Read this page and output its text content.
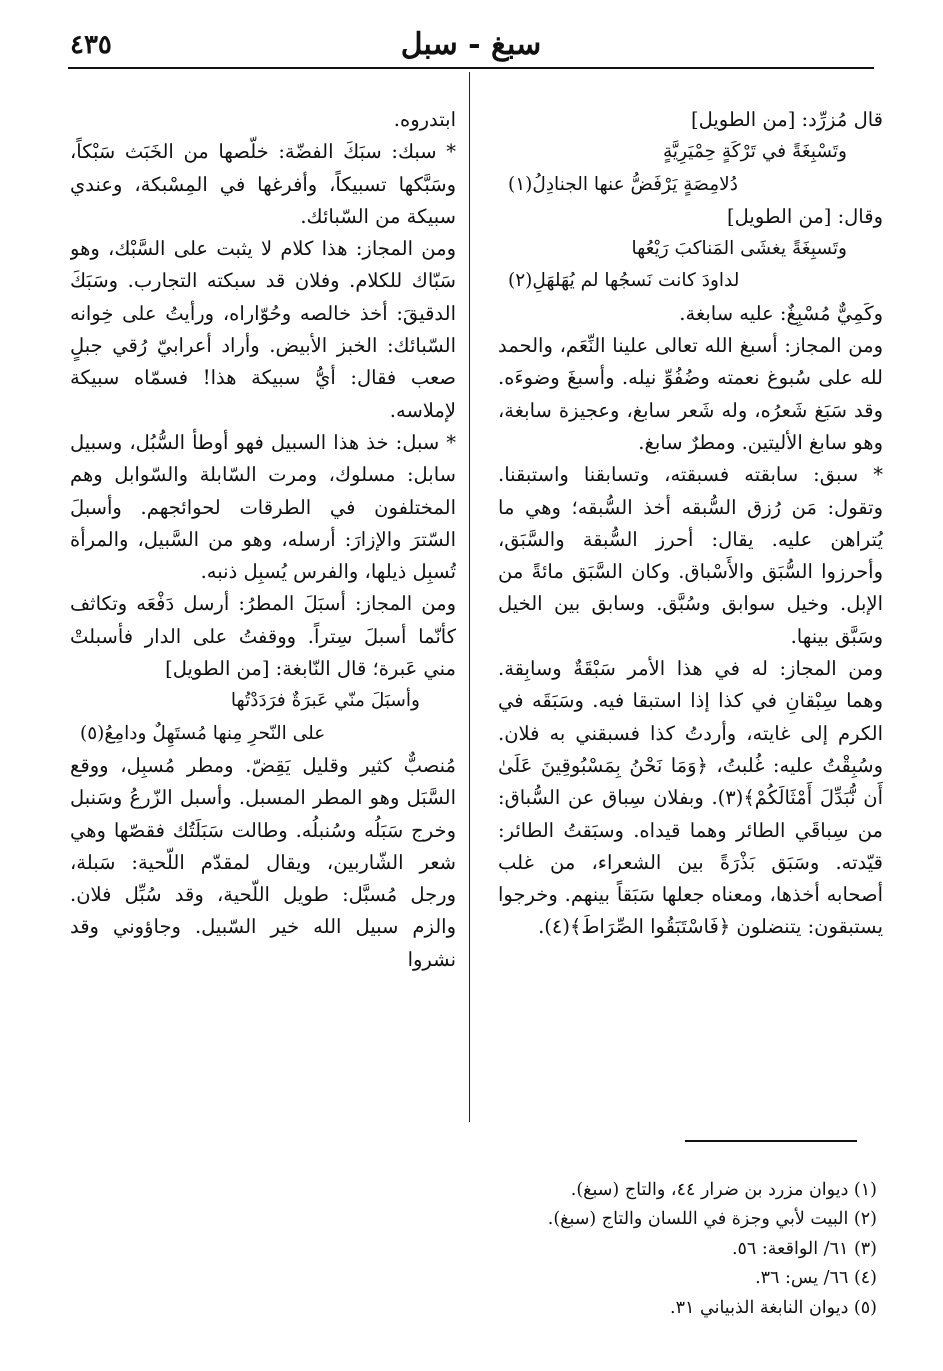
سبغ - سبل
٤٣٥

قال مُزرِّد: [من الطويل]

وتَسْبِغَةً في تَرْكَةٍ حِمْيَرِيَّةٍ

دُلامِصَةٍ يَرْفَضُّ عنها الجنادِلُ(١)

وقال: [من الطويل]

وتَسبِغَةً يغشَى المَناكبَ رَيْعُها

لداودَ كانت نَسجُها لم يُهَلهَلِ(٢)

وكَمِيٌّ مُسْبِغٌ: عليه سابغة.

ومن المجاز: أسبغ الله تعالى علينا النِّعَم، والحمد لله على سُبوغ نعمته وضُفُوِّ نيله. وأسبغَ وضوءَه. وقد سَبَغ شَعرُه، وله شَعر سابغ، وعجيزة سابغة، وهو سابغ الأليتين. ومطرٌ سابغ.

* سبق: سابقته فسبقته، وتسابقنا واستبقنا. وتقول: مَن رُزق السُّبقه أخذ السُّبقه؛ وهي ما يُتراهن عليه. يقال: أحرز السُّبقة والسَّبَق، وأحرزوا السُّبَق والأَسْباق. وكان السَّبَق مائةً من الإبل. وخيل سوابق وسُبَّق. وسابق بين الخيل وسَبَّق بينها.

ومن المجاز: له في هذا الأمر سَبْقَةٌ وسابِقة. وهما سِبْقانِ في كذا إذا استبقا فيه. وسَبَقَه في الكرم إلى غايته، وأردتُ كذا فسبقني به فلان. وسُبِقْتُ عليه: غُلبتُ، ﴿وَمَا نَحْنُ بِمَسْبُوقِينَ عَلَىٰ أَن نُّبَدِّلَ أَمْثَالَكُمْ﴾(٣). وبفلان سِباق عن السُّباق: من سِباقَي الطائر وهما قيداه. وسبَقتُ الطائر: قيّدته. وسَبَق بَذْرَةً بين الشعراء، من غلب أصحابه أخذها، ومعناه جعلها سَبَقاً بينهم. وخرجوا يستبقون: يتنضلون ﴿فَاسْتَبَقُوا الصِّرَاطَ﴾(٤).

ابتدروه.

* سبك: سبَكَ الفضّة: خلّصها من الخَبَث سَبْكاً، وسَبَّكها تسبيكاً، وأفرغها في المِسْبكة، وعندي سبيكة من السّبائك.

ومن المجاز: هذا كلام لا يثبت على السَّبْك، وهو سَبّاك للكلام. وفلان قد سبكته التجارب. وسَبَكَ الدقيقَ: أخذ خالصه وحُوّاراه، ورأيتُ على خِوانه السّبائك: الخبز الأبيض. وأراد أعرابيّ رُقي جبلٍ صعب فقال: أيُّ سبيكة هذا! فسمّاه سبيكة لإملاسه.

* سبل: خذ هذا السبيل فهو أوطأ السُّبُل، وسبيل سابل: مسلوك، ومرت السّابلة والسّوابل وهم المختلفون في الطرقات لحوائجهم. وأسبلَ السّترَ والإزارَ: أرسله، وهو من السَّبيل، والمرأة تُسبِل ذيلها، والفرس يُسبِل ذنبه.

ومن المجاز: أسبَلَ المطرُ: أرسل دَفْعَه وتكاثف كأنّما أسبلَ سِتراً. ووقفتُ على الدار فأسبلتْ مني عَبرة؛ قال النّابغة: [من الطويل]

وأسبَلَ منّي عَبرَةٌ فرَدَدْتُها

على النّحرِ مِنها مُستَهِلٌ ودامِعُ(٥)

مُنصبٌّ كثير وقليل يَقِضّ. ومطر مُسبِل، ووقع السَّبَل وهو المطر المسبل. وأسبل الزّرعُ وسَنبل وخرج سَبَلُه وسُنبلُه. وطالت سَبَلَتُك فقصّها وهي شعر الشّاربين، ويقال لمقدّم اللّحية: سَبلة، ورجل مُسبَّل: طويل اللّحية، وقد سُبِّل فلان. والزم سبيل الله خير السّبيل. وجاؤوني وقد نشروا

(١) ديوان مزرد بن ضرار ٤٤، والتاج (سبغ).
(٢) البيت لأبي وجزة في اللسان والتاج (سبغ).
(٣) ٦١/ الواقعة: ٥٦.
(٤) ٦٦/ يس: ٣٦.
(٥) ديوان النابغة الذبياني ٣١.
